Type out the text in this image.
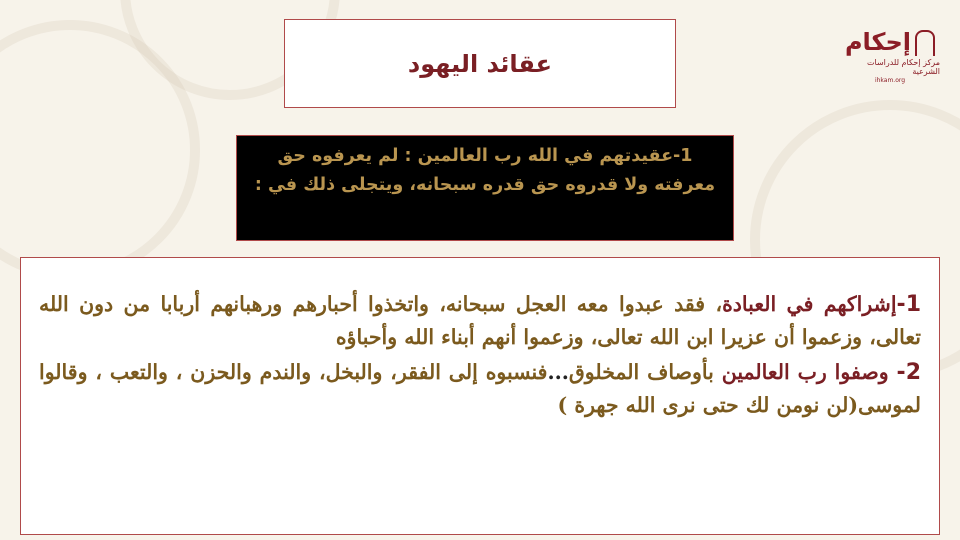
عقائد اليهود
إحكام
مركز إحكام للدراسات الشرعية
ihkam.org

1-عقيدتهم في الله رب العالمين : لم يعرفوه حق معرفته ولا قدروه حق قدره سبحانه، ويتجلى ذلك في :

1-إشراكهم في العبادة، فقد عبدوا معه العجل سبحانه، واتخذوا أحبارهم ورهبانهم أربابا من دون الله تعالى، وزعموا أن عزيرا ابن الله تعالى، وزعموا أنهم أبناء الله وأحباؤه

2- وصفوا رب العالمين بأوصاف المخلوق...فنسبوه إلى الفقر، والبخل، والندم والحزن ، والتعب ، وقالوا لموسى(لن نومن لك حتى نرى الله جهرة )
